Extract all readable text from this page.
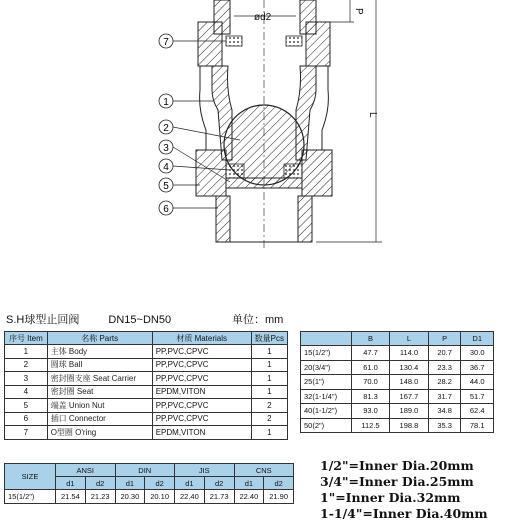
ød2
P
L
7
1
2
3
4
5
6
S.H球型止回阀	DN15~DN50	单位：mm
序号 Item	名称 Parts	材质 Materials	数量Pcs
1	主体 Body	PP,PVC,CPVC	1
2	圆球 Ball	PP,PVC,CPVC	1
3	密封圈支座 Seat Carrier	PP,PVC,CPVC	1
4	密封圈 Seat	EPDM,VITON	1
5	端盖 Union Nut	PP,PVC,CPVC	2
6	插口 Connector	PP,PVC,CPVC	2
7	O型圈 O'ring	EPDM,VITON	1
	B	L	P	D1
15(1/2")	47.7	114.0	20.7	30.0
20(3/4")	61.0	130.4	23.3	36.7
25(1")	70.0	148.0	28.2	44.0
32(1-1/4")	81.3	167.7	31.7	51.7
40(1-1/2")	93.0	189.0	34.8	62.4
50(2")	112.5	198.8	35.3	78.1
SIZE	ANSI		DIN		JIS		CNS	
	d1	d2	d1	d2	d1	d2	d1	d2
15(1/2")	21.54	21.23	20.30	20.10	22.40	21.73	22.40	21.90
1/2"=Inner Dia.20mm
3/4"=Inner Dia.25mm
1"=Inner Dia.32mm
1-1/4"=Inner Dia.40mm
